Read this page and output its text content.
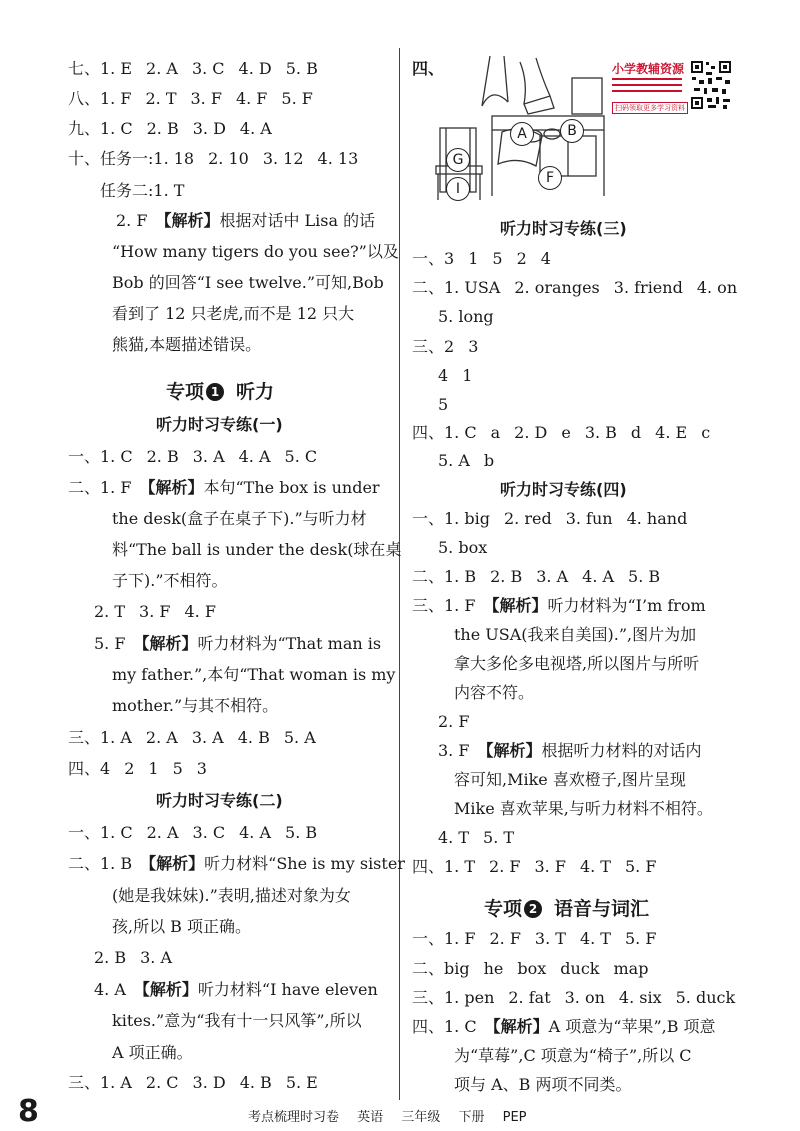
七、1. E 2. A 3. C 4. D 5. B
八、1. F 2. T 3. F 4. F 5. F
九、1. C 2. B 3. D 4. A
十、任务一:1. 18 2. 10 3. 12 4. 13
任务二:1. T
2. F 【解析】根据对话中 Lisa 的话
“How many tigers do you see?”以及
Bob 的回答“I see twelve.”可知,Bob
看到了 12 只老虎,而不是 12 只大
熊猫,本题描述错误。
专项 1 听力
听力时习专练(一)
一、1. C 2. B 3. A 4. A 5. C
二、1. F 【解析】本句“The box is under
the desk(盒子在桌子下).”与听力材
料“The ball is under the desk(球在桌
子下).”不相符。
2. T 3. F 4. F
5. F 【解析】听力材料为“That man is
my father.”,本句“That woman is my
mother.”与其不相符。
三、1. A 2. A 3. A 4. B 5. A
四、4 2 1 5 3
听力时习专练(二)
一、1. C 2. A 3. C 4. A 5. B
二、1. B 【解析】听力材料“She is my sister
(她是我妹妹).”表明,描述对象为女
孩,所以 B 项正确。
2. B 3. A
4. A 【解析】听力材料“I have eleven
kites.”意为“我有十一只风筝”,所以
A 项正确。
三、1. A 2. C 3. D 4. B 5. E
四、
A	B
G
F
I
小学教辅资源
扫码领取更多学习资料
听力时习专练(三)
一、3 1 5 2 4
二、1. USA 2. oranges 3. friend 4. on
5. long
三、2 3
4 1
5
四、1. C a 2. D e 3. B d 4. E c
5. A b
听力时习专练(四)
一、1. big 2. red 3. fun 4. hand
5. box
二、1. B 2. B 3. A 4. A 5. B
三、1. F 【解析】听力材料为“I’m from
the USA(我来自美国).”,图片为加
拿大多伦多电视塔,所以图片与所听
内容不符。
2. F
3. F 【解析】根据听力材料的对话内
容可知,Mike 喜欢橙子,图片呈现
Mike 喜欢苹果,与听力材料不相符。
4. T 5. T
四、1. T 2. F 3. F 4. T 5. F
专项 2 语音与词汇
一、1. F 2. F 3. T 4. T 5. F
二、big he box duck map
三、1. pen 2. fat 3. on 4. six 5. duck
四、1. C 【解析】A 项意为“苹果”,B 项意
为“草莓”,C 项意为“椅子”,所以 C
项与 A、B 两项不同类。
8	考点梳理时习卷 英语 三年级 下册 PEP
